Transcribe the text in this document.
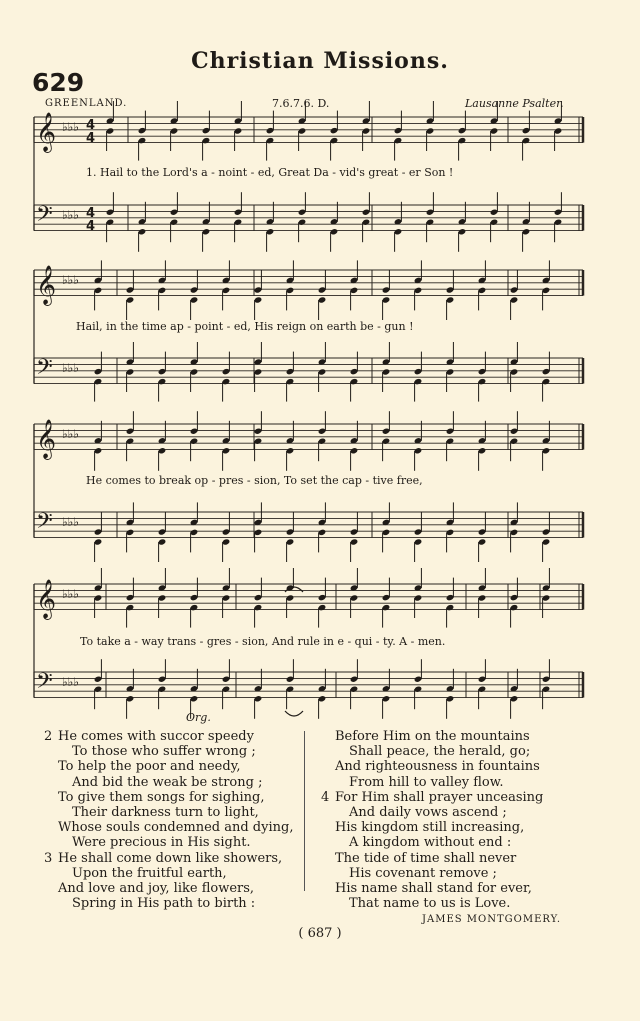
Christian Missions.
629
GREENLAND.	7.6.7.6. D.	Lausanne Psalter.
𝄞 ♭♭♭ 4
4
𝄢 ♭♭♭ 4
4
𝄞 ♭♭♭
𝄢 ♭♭♭
𝄞 ♭♭♭
𝄢 ♭♭♭
𝄞 ♭♭♭
𝄢 ♭♭♭
1. Hail to the Lord's a - noint - ed, Great Da - vid's great - er Son !
Hail, in the time ap - point - ed, His reign on earth be - gun !
He comes to break op - pres - sion, To set the cap - tive free,
To take a - way trans - gres - sion, And rule in e - qui - ty. A - men.
Org.
2 He comes with succor speedy
To those who suffer wrong ;
To help the poor and needy,
And bid the weak be strong ;
To give them songs for sighing,
Their darkness turn to light,
Whose souls condemned and dying,
Were precious in His sight.
3 He shall come down like showers,
Upon the fruitful earth,
And love and joy, like flowers,
Spring in His path to birth :
Before Him on the mountains
Shall peace, the herald, go;
And righteousness in fountains
From hill to valley flow.
4 For Him shall prayer unceasing
And daily vows ascend ;
His kingdom still increasing,
A kingdom without end :
The tide of time shall never
His covenant remove ;
His name shall stand for ever,
That name to us is Love.
JAMES MONTGOMERY.
( 687 )
